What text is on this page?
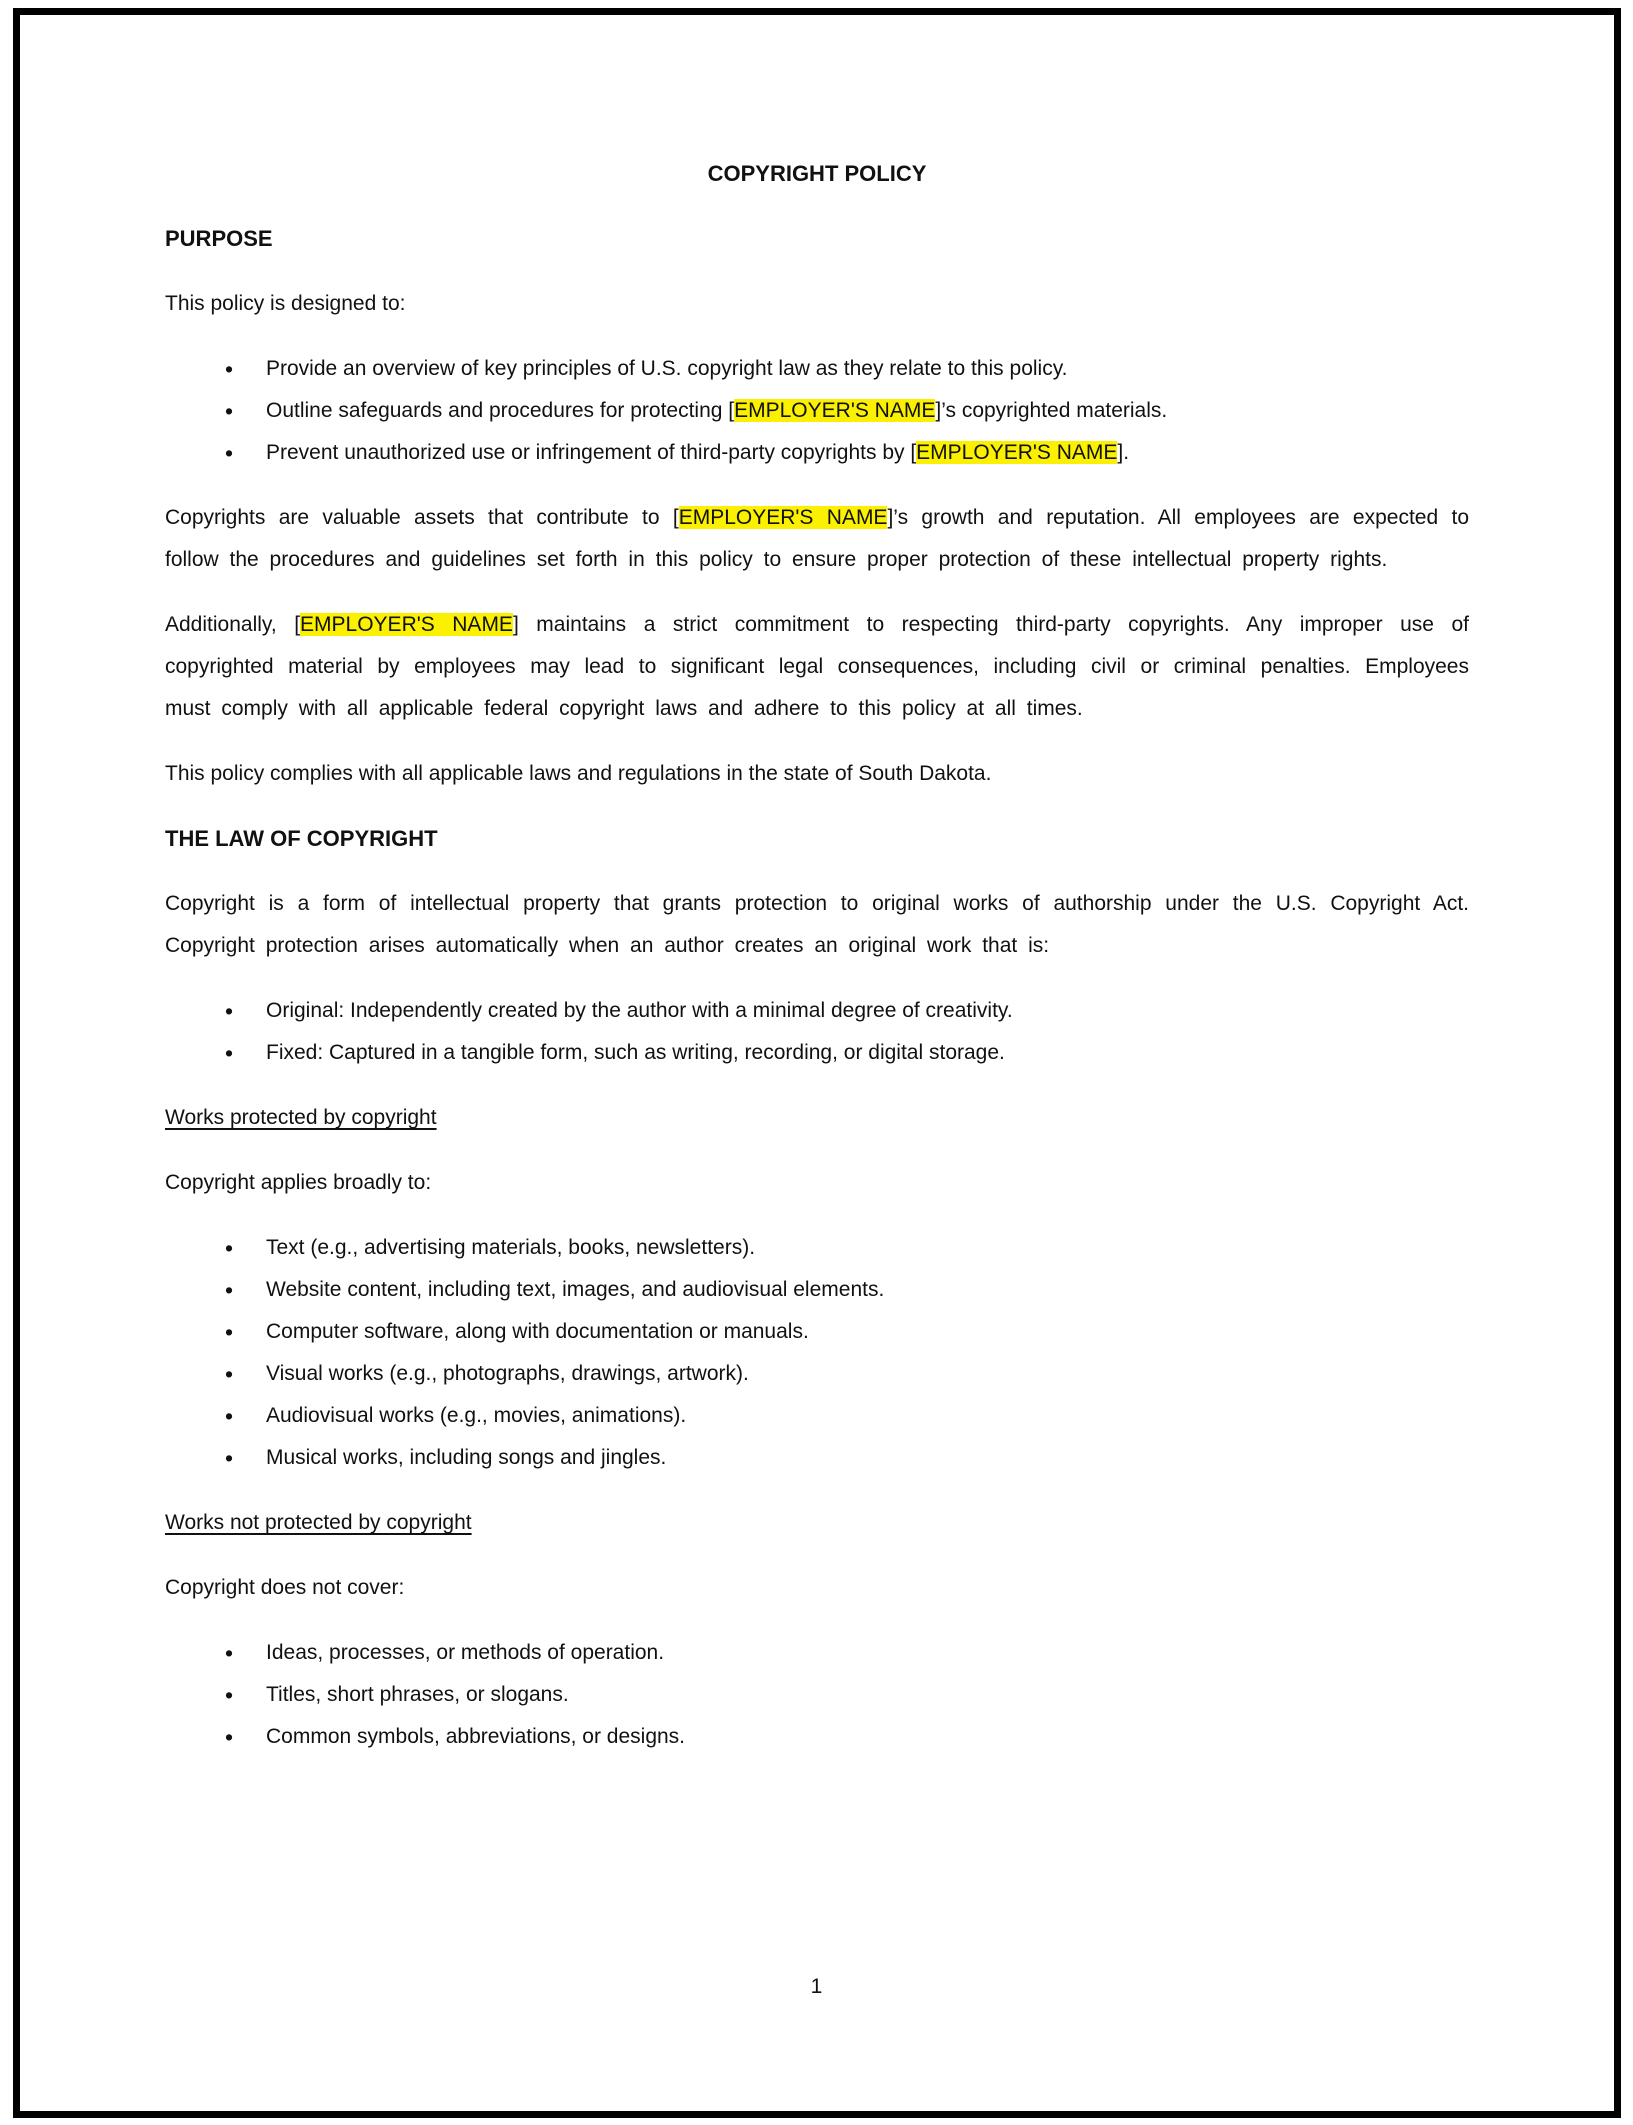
COPYRIGHT POLICY
PURPOSE

This policy is designed to:

• Provide an overview of key principles of U.S. copyright law as they relate to this policy.
• Outline safeguards and procedures for protecting [EMPLOYER'S NAME]’s copyrighted materials.
• Prevent unauthorized use or infringement of third-party copyrights by [EMPLOYER'S NAME].

Copyrights are valuable assets that contribute to [EMPLOYER'S NAME]’s growth and reputation. All employees are expected to follow the procedures and guidelines set forth in this policy to ensure proper protection of these intellectual property rights.

Additionally, [EMPLOYER'S NAME] maintains a strict commitment to respecting third-party copyrights. Any improper use of copyrighted material by employees may lead to significant legal consequences, including civil or criminal penalties. Employees must comply with all applicable federal copyright laws and adhere to this policy at all times.

This policy complies with all applicable laws and regulations in the state of South Dakota.

THE LAW OF COPYRIGHT

Copyright is a form of intellectual property that grants protection to original works of authorship under the U.S. Copyright Act. Copyright protection arises automatically when an author creates an original work that is:

• Original: Independently created by the author with a minimal degree of creativity.
• Fixed: Captured in a tangible form, such as writing, recording, or digital storage.
Works protected by copyright

Copyright applies broadly to:

• Text (e.g., advertising materials, books, newsletters).
• Website content, including text, images, and audiovisual elements.
• Computer software, along with documentation or manuals.
• Visual works (e.g., photographs, drawings, artwork).
• Audiovisual works (e.g., movies, animations).
• Musical works, including songs and jingles.
Works not protected by copyright

Copyright does not cover:

• Ideas, processes, or methods of operation.
• Titles, short phrases, or slogans.
• Common symbols, abbreviations, or designs.
1
